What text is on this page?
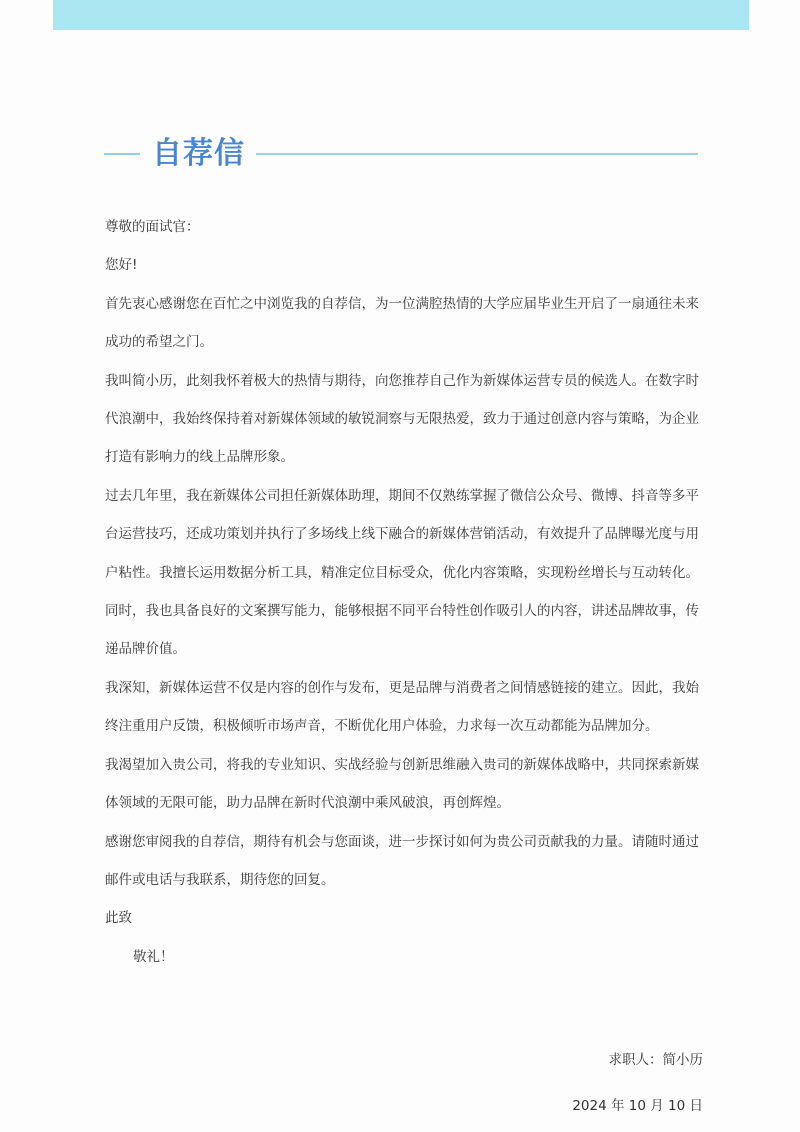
自荐信

尊敬的面试官：

您好!

首先衷心感谢您在百忙之中浏览我的自荐信，为一位满腔热情的大学应届毕业生开启了一扇通往未来成功的希望之门。

我叫简小历，此刻我怀着极大的热情与期待，向您推荐自己作为新媒体运营专员的候选人。在数字时代浪潮中，我始终保持着对新媒体领域的敏锐洞察与无限热爱，致力于通过创意内容与策略，为企业打造有影响力的线上品牌形象。

过去几年里，我在新媒体公司担任新媒体助理，期间不仅熟练掌握了微信公众号、微博、抖音等多平台运营技巧，还成功策划并执行了多场线上线下融合的新媒体营销活动，有效提升了品牌曝光度与用户粘性。我擅长运用数据分析工具，精准定位目标受众，优化内容策略，实现粉丝增长与互动转化。同时，我也具备良好的文案撰写能力，能够根据不同平台特性创作吸引人的内容，讲述品牌故事，传递品牌价值。

我深知，新媒体运营不仅是内容的创作与发布，更是品牌与消费者之间情感链接的建立。因此，我始终注重用户反馈，积极倾听市场声音，不断优化用户体验，力求每一次互动都能为品牌加分。

我渴望加入贵公司，将我的专业知识、实战经验与创新思维融入贵司的新媒体战略中，共同探索新媒体领域的无限可能，助力品牌在新时代浪潮中乘风破浪，再创辉煌。

感谢您审阅我的自荐信，期待有机会与您面谈，进一步探讨如何为贵公司贡献我的力量。请随时通过邮件或电话与我联系，期待您的回复。

此致

敬礼！

求职人：简小历
2024 年 10 月 10 日
